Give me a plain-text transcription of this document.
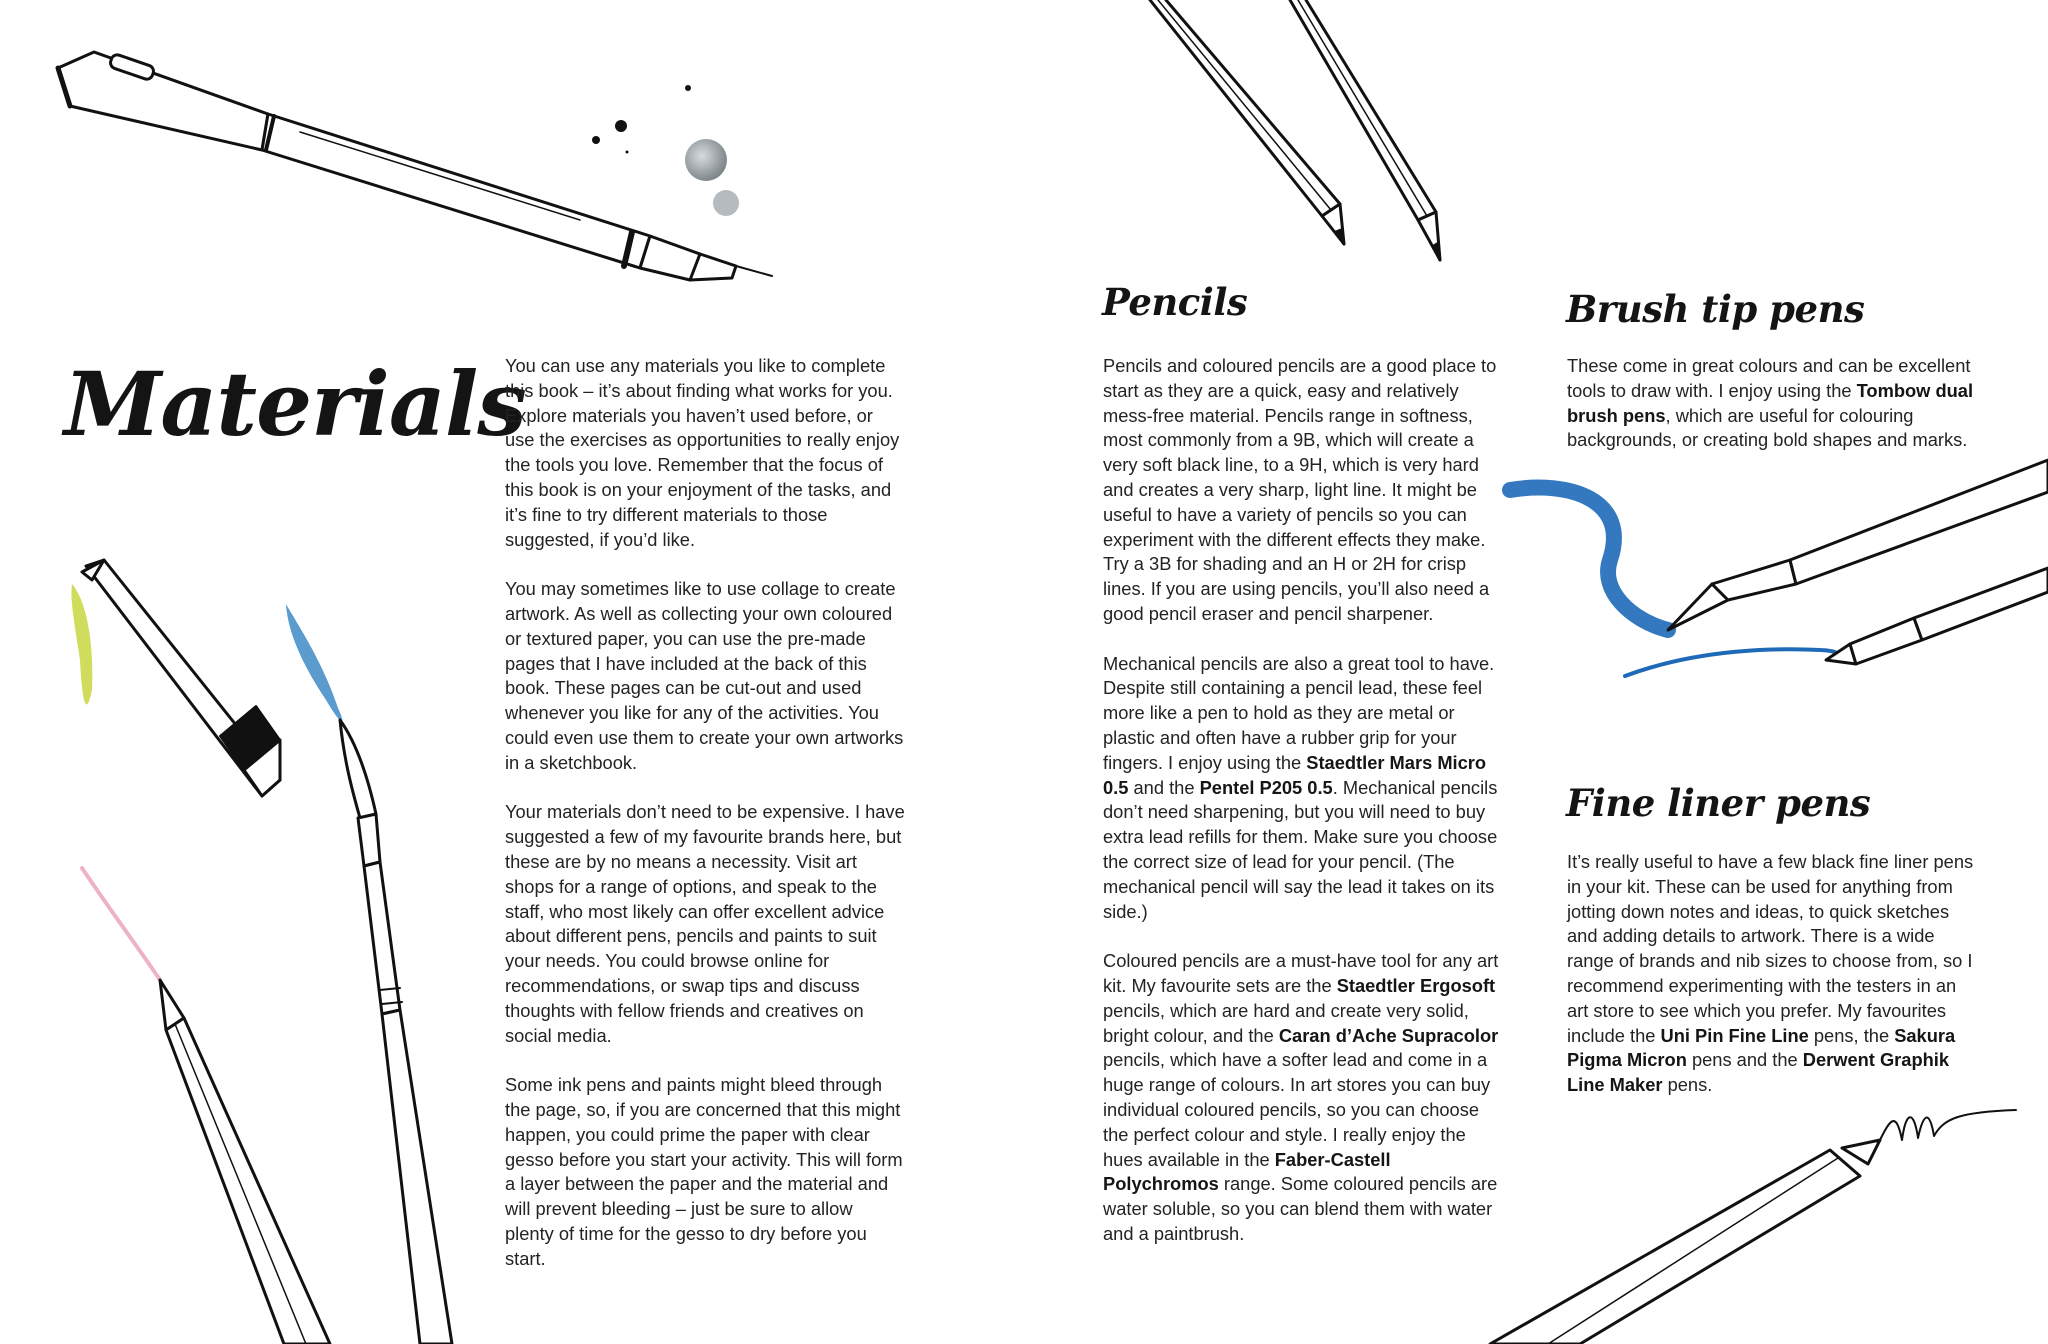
Materials

You can use any materials you like to complete this book – it’s about finding what works for you. Explore materials you haven’t used before, or use the exercises as opportunities to really enjoy the tools you love. Remember that the focus of this book is on your enjoyment of the tasks, and it’s fine to try different materials to those suggested, if you’d like.

You may sometimes like to use collage to create artwork. As well as collecting your own coloured or textured paper, you can use the pre-made pages that I have included at the back of this book. These pages can be cut-out and used whenever you like for any of the activities. You could even use them to create your own artworks in a sketchbook.

Your materials don’t need to be expensive. I have suggested a few of my favourite brands here, but these are by no means a necessity. Visit art shops for a range of options, and speak to the staff, who most likely can offer excellent advice about different pens, pencils and paints to suit your needs. You could browse online for recommendations, or swap tips and discuss thoughts with fellow friends and creatives on social media.

Some ink pens and paints might bleed through the page, so, if you are concerned that this might happen, you could prime the paper with clear gesso before you start your activity. This will form a layer between the paper and the material and will prevent bleeding – just be sure to allow plenty of time for the gesso to dry before you start.

Pencils

Pencils and coloured pencils are a good place to start as they are a quick, easy and relatively mess-free material. Pencils range in softness, most commonly from a 9B, which will create a very soft black line, to a 9H, which is very hard and creates a very sharp, light line. It might be useful to have a variety of pencils so you can experiment with the different effects they make. Try a 3B for shading and an H or 2H for crisp lines. If you are using pencils, you’ll also need a good pencil eraser and pencil sharpener.

Mechanical pencils are also a great tool to have. Despite still containing a pencil lead, these feel more like a pen to hold as they are metal or plastic and often have a rubber grip for your fingers. I enjoy using the Staedtler Mars Micro 0.5 and the Pentel P205 0.5. Mechanical pencils don’t need sharpening, but you will need to buy extra lead refills for them. Make sure you choose the correct size of lead for your pencil. (The mechanical pencil will say the lead it takes on its side.)

Coloured pencils are a must-have tool for any art kit. My favourite sets are the Staedtler Ergosoft pencils, which are hard and create very solid, bright colour, and the Caran d’Ache Supracolor pencils, which have a softer lead and come in a huge range of colours. In art stores you can buy individual coloured pencils, so you can choose the perfect colour and style. I really enjoy the hues available in the Faber-Castell Polychromos range. Some coloured pencils are water soluble, so you can blend them with water and a paintbrush.

Brush tip pens

These come in great colours and can be excellent tools to draw with. I enjoy using the Tombow dual brush pens, which are useful for colouring backgrounds, or creating bold shapes and marks.

Fine liner pens

It’s really useful to have a few black fine liner pens in your kit. These can be used for anything from jotting down notes and ideas, to quick sketches and adding details to artwork. There is a wide range of brands and nib sizes to choose from, so I recommend experimenting with the testers in an art store to see which you prefer. My favourites include the Uni Pin Fine Line pens, the Sakura Pigma Micron pens and the Derwent Graphik Line Maker pens.
